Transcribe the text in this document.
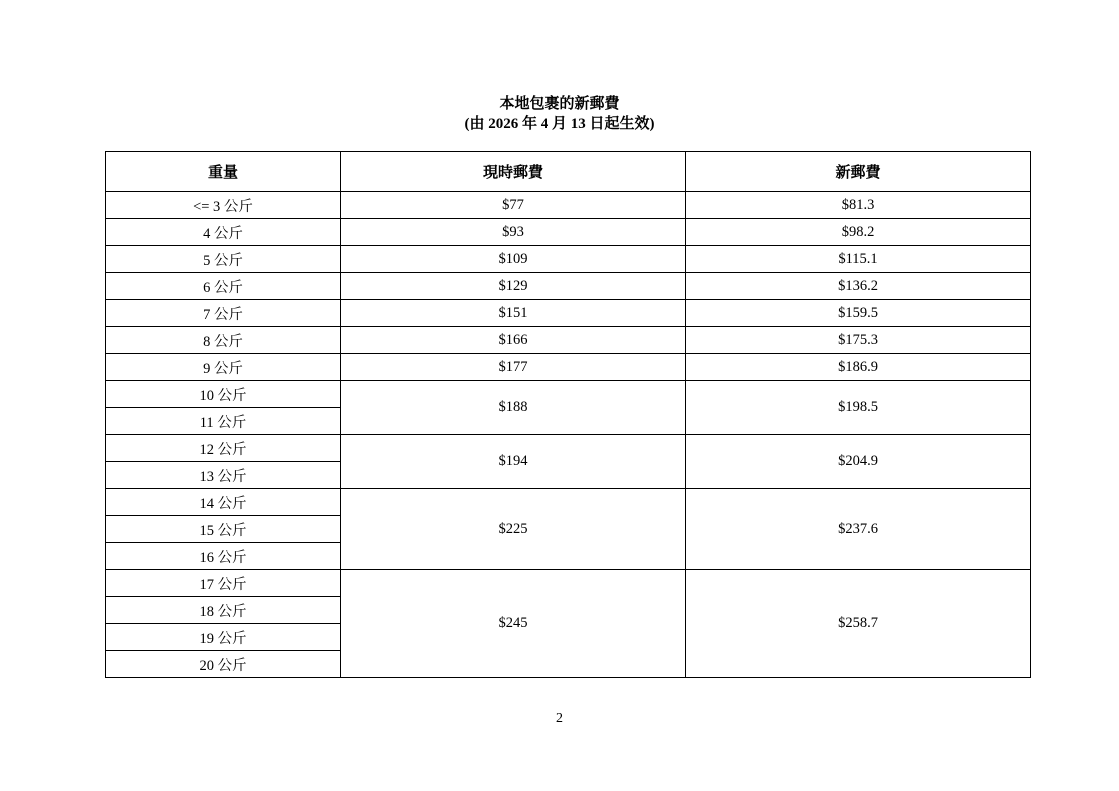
本地包裹的新郵費
(由 2026 年 4 月 13 日起生效)
重量	現時郵費	新郵費
<= 3 公斤	$77	$81.3
4 公斤	$93	$98.2
5 公斤	$109	$115.1
6 公斤	$129	$136.2
7 公斤	$151	$159.5
8 公斤	$166	$175.3
9 公斤	$177	$186.9
10 公斤	$188	$198.5
11 公斤		
12 公斤	$194	$204.9
13 公斤		
14 公斤	$225	$237.6
15 公斤		
16 公斤		
17 公斤	$245	$258.7
18 公斤		
19 公斤		
20 公斤		
2
